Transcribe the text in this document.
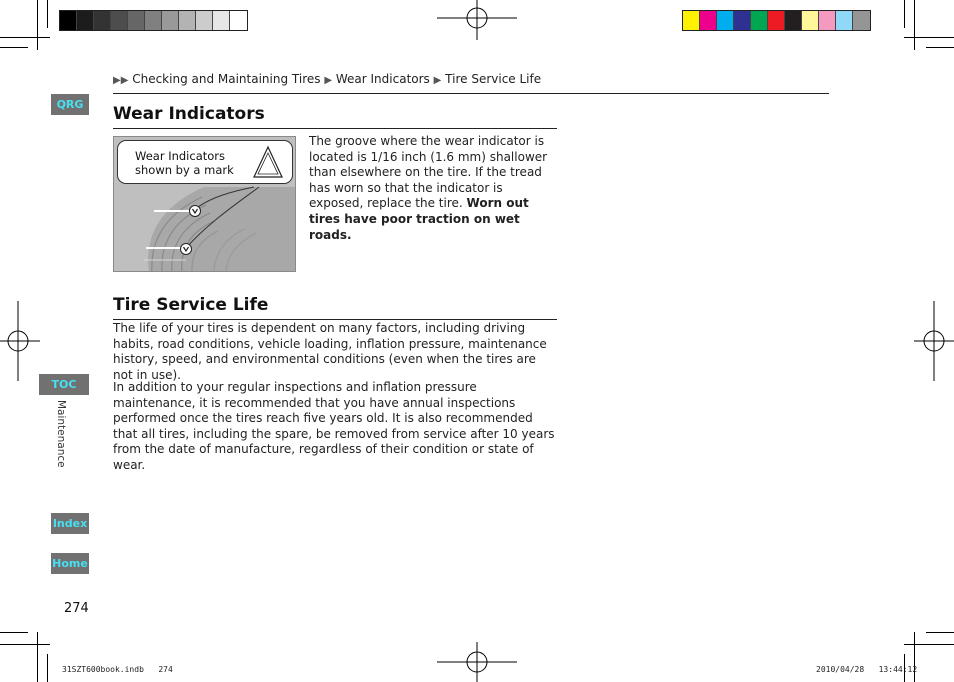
▶▶ Checking and Maintaining Tires ▶ Wear Indicators ▶ Tire Service Life
QRG
TOC
Index
Home
Maintenance
Wear Indicators
Wear Indicators shown by a mark
The groove where the wear indicator is located is 1/16 inch (1.6 mm) shallower than elsewhere on the tire. If the tread has worn so that the indicator is exposed, replace the tire. Worn out tires have poor traction on wet roads.
Tire Service Life
The life of your tires is dependent on many factors, including driving habits, road conditions, vehicle loading, inflation pressure, maintenance history, speed, and environmental conditions (even when the tires are not in use).
In addition to your regular inspections and inflation pressure maintenance, it is recommended that you have annual inspections performed once the tires reach five years old. It is also recommended that all tires, including the spare, be removed from service after 10 years from the date of manufacture, regardless of their condition or state of wear.
274
31SZT600book.indb   274	2010/04/28   13:44:12
